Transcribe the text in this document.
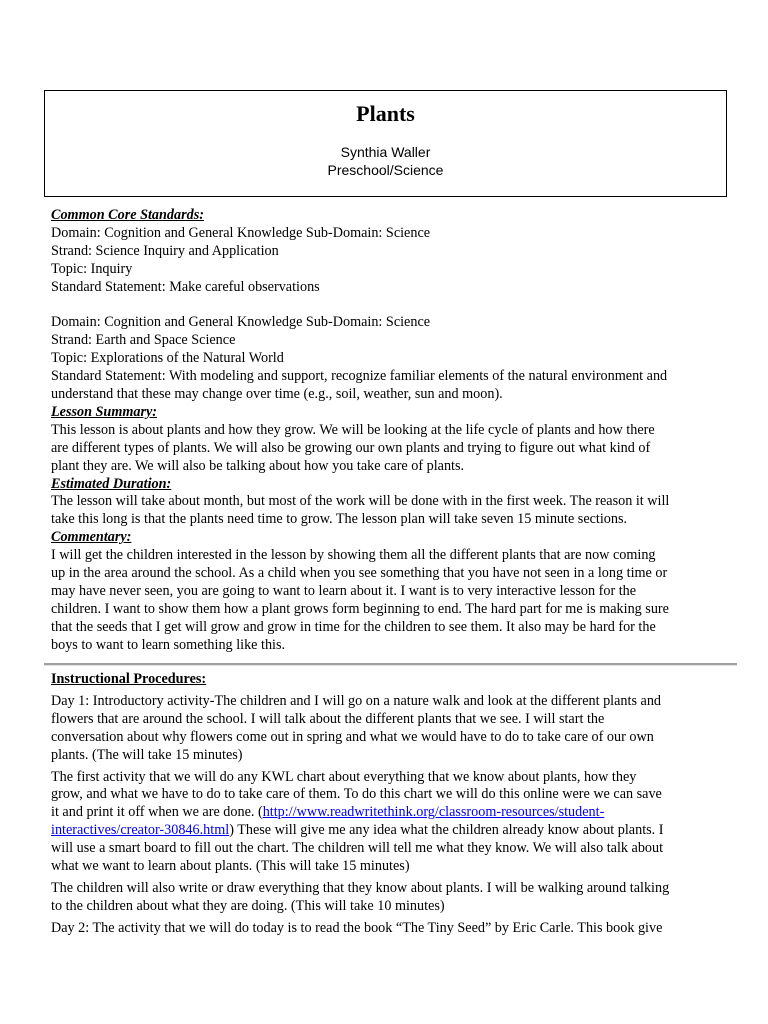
Plants
Synthia Waller
Preschool/Science
Common Core Standards:
Domain: Cognition and General Knowledge Sub-Domain: Science
Strand: Science Inquiry and Application
Topic: Inquiry
Standard Statement: Make careful observations
Domain: Cognition and General Knowledge Sub-Domain: Science
Strand: Earth and Space Science
Topic: Explorations of the Natural World
Standard Statement: With modeling and support, recognize familiar elements of the natural environment and
understand that these may change over time (e.g., soil, weather, sun and moon).
Lesson Summary:
This lesson is about plants and how they grow. We will be looking at the life cycle of plants and how there
are different types of plants. We will also be growing our own plants and trying to figure out what kind of
plant they are. We will also be talking about how you take care of plants.
Estimated Duration:
The lesson will take about month, but most of the work will be done with in the first week. The reason it will
take this long is that the plants need time to grow. The lesson plan will take seven 15 minute sections.
Commentary:
I will get the children interested in the lesson by showing them all the different plants that are now coming
up in the area around the school. As a child when you see something that you have not seen in a long time or
may have never seen, you are going to want to learn about it. I want is to very interactive lesson for the
children. I want to show them how a plant grows form beginning to end. The hard part for me is making sure
that the seeds that I get will grow and grow in time for the children to see them. It also may be hard for the
boys to want to learn something like this.
Instructional Procedures:
Day 1: Introductory activity-The children and I will go on a nature walk and look at the different plants and
flowers that are around the school. I will talk about the different plants that we see. I will start the
conversation about why flowers come out in spring and what we would have to do to take care of our own
plants. (The will take 15 minutes)
The first activity that we will do any KWL chart about everything that we know about plants, how they
grow, and what we have to do to take care of them. To do this chart we will do this online were we can save
it and print it off when we are done. (http://www.readwritethink.org/classroom-resources/student-
interactives/creator-30846.html) These will give me any idea what the children already know about plants. I
will use a smart board to fill out the chart. The children will tell me what they know. We will also talk about
what we want to learn about plants. (This will take 15 minutes)
The children will also write or draw everything that they know about plants. I will be walking around talking
to the children about what they are doing. (This will take 10 minutes)
Day 2: The activity that we will do today is to read the book “The Tiny Seed” by Eric Carle. This book give
